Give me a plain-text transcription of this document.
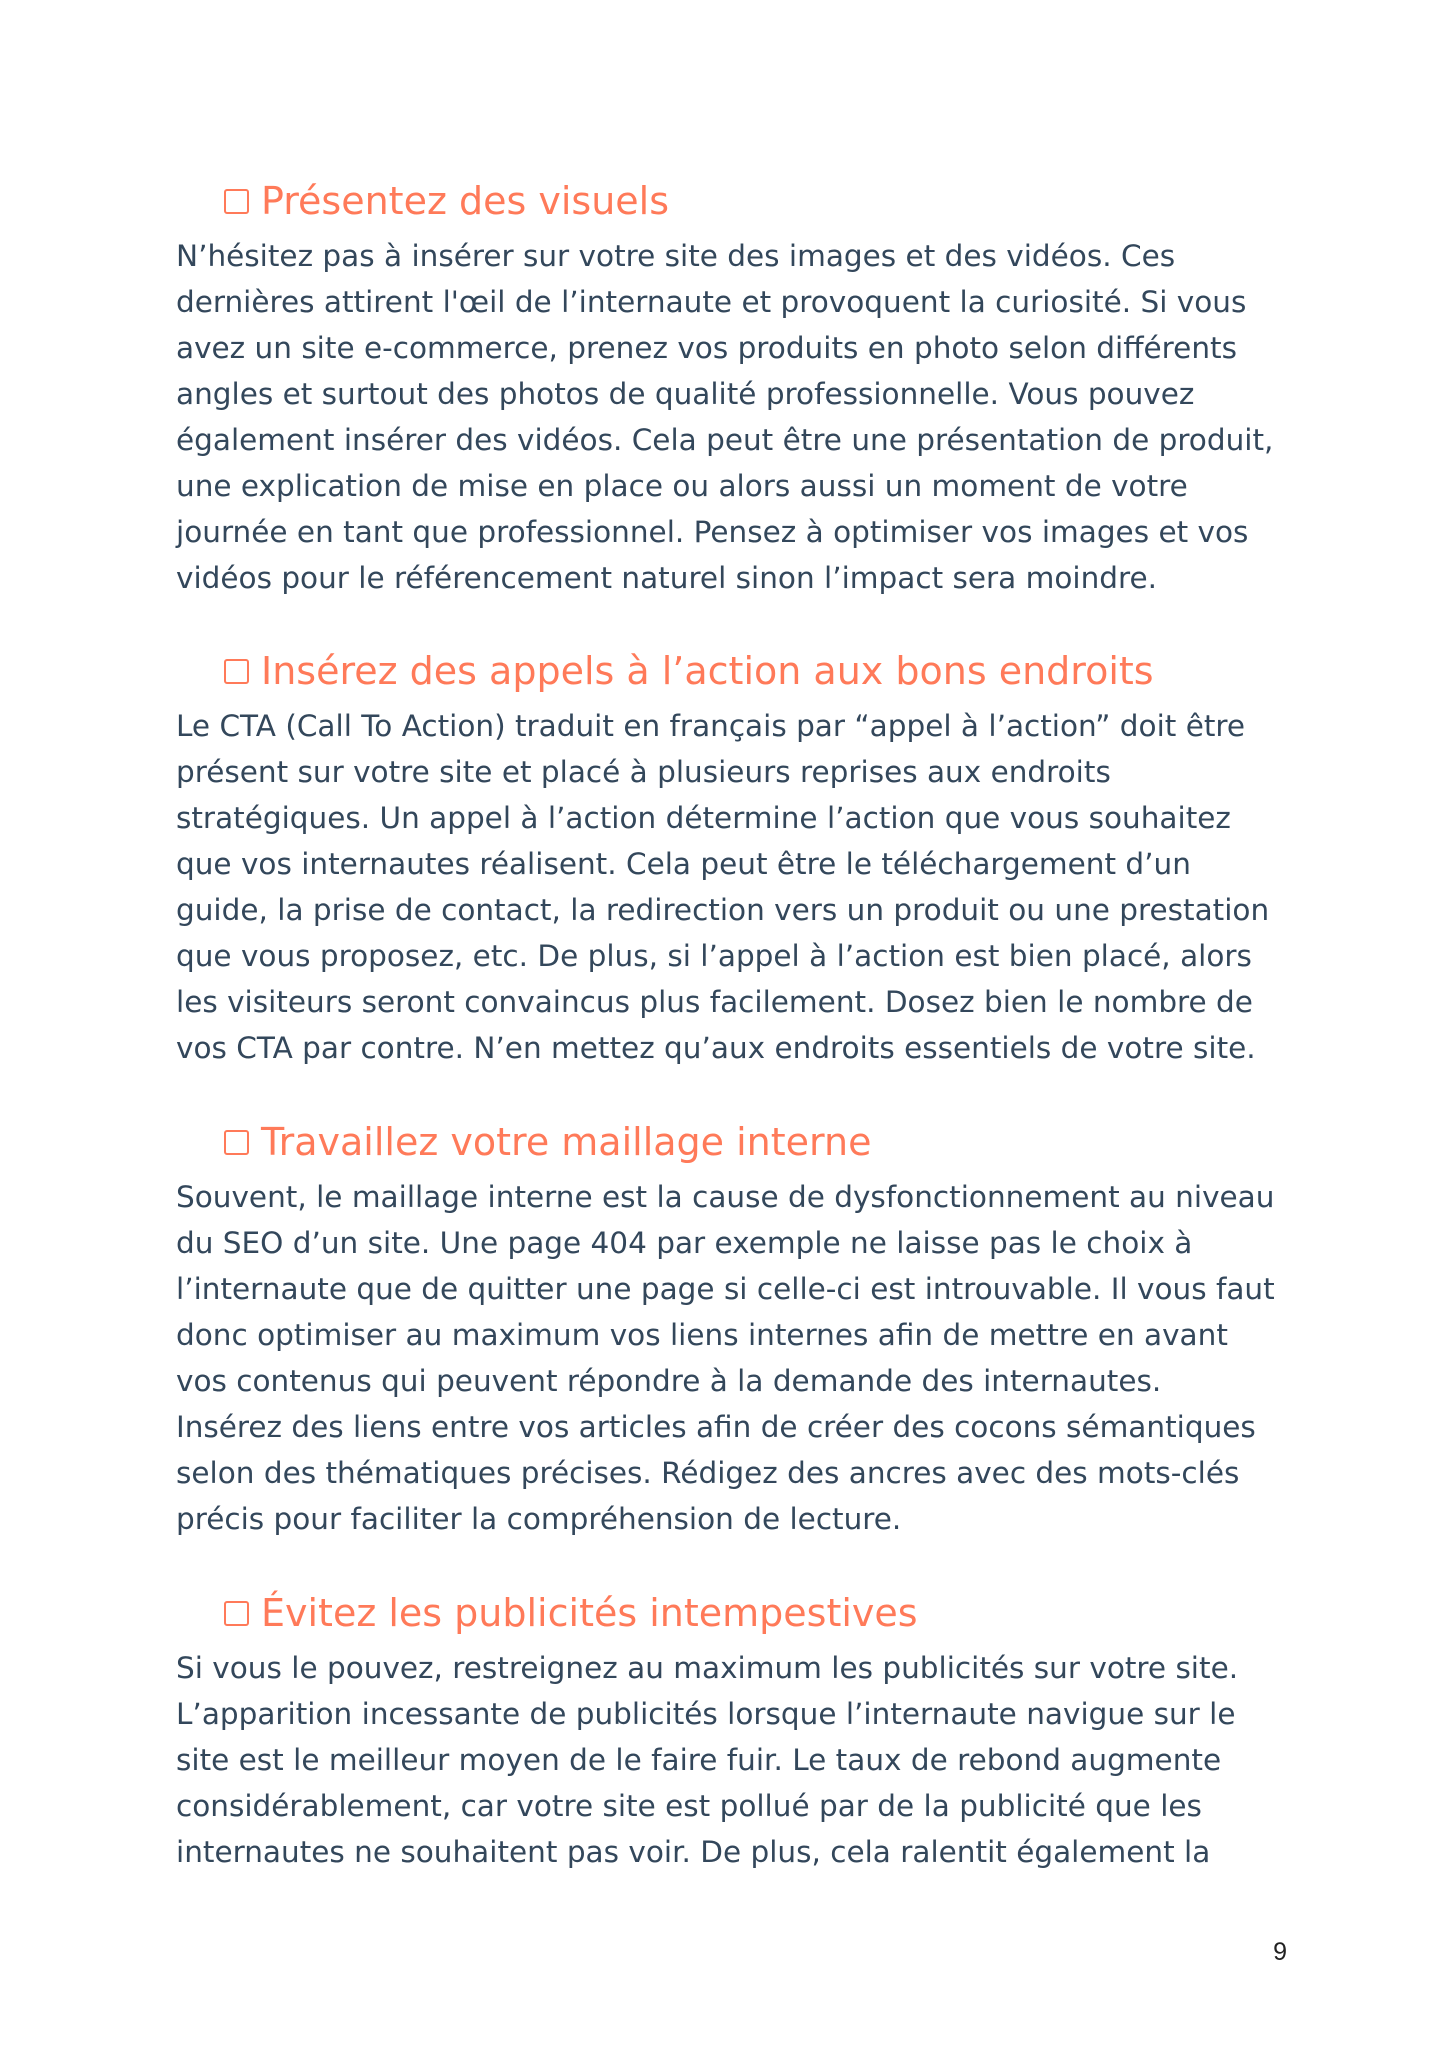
Présentez des visuels
N’hésitez pas à insérer sur votre site des images et des vidéos. Ces
dernières attirent l'œil de l’internaute et provoquent la curiosité. Si vous
avez un site e-commerce, prenez vos produits en photo selon différents
angles et surtout des photos de qualité professionnelle. Vous pouvez
également insérer des vidéos. Cela peut être une présentation de produit,
une explication de mise en place ou alors aussi un moment de votre
journée en tant que professionnel. Pensez à optimiser vos images et vos
vidéos pour le référencement naturel sinon l’impact sera moindre.
Insérez des appels à l’action aux bons endroits
Le CTA (Call To Action) traduit en français par “appel à l’action” doit être
présent sur votre site et placé à plusieurs reprises aux endroits
stratégiques. Un appel à l’action détermine l’action que vous souhaitez
que vos internautes réalisent. Cela peut être le téléchargement d’un
guide, la prise de contact, la redirection vers un produit ou une prestation
que vous proposez, etc. De plus, si l’appel à l’action est bien placé, alors
les visiteurs seront convaincus plus facilement. Dosez bien le nombre de
vos CTA par contre. N’en mettez qu’aux endroits essentiels de votre site.
Travaillez votre maillage interne
Souvent, le maillage interne est la cause de dysfonctionnement au niveau
du SEO d’un site. Une page 404 par exemple ne laisse pas le choix à
l’internaute que de quitter une page si celle-ci est introuvable. Il vous faut
donc optimiser au maximum vos liens internes afin de mettre en avant
vos contenus qui peuvent répondre à la demande des internautes.
Insérez des liens entre vos articles afin de créer des cocons sémantiques
selon des thématiques précises. Rédigez des ancres avec des mots-clés
précis pour faciliter la compréhension de lecture.
Évitez les publicités intempestives
Si vous le pouvez, restreignez au maximum les publicités sur votre site.
L’apparition incessante de publicités lorsque l’internaute navigue sur le
site est le meilleur moyen de le faire fuir. Le taux de rebond augmente
considérablement, car votre site est pollué par de la publicité que les
internautes ne souhaitent pas voir. De plus, cela ralentit également la
9
